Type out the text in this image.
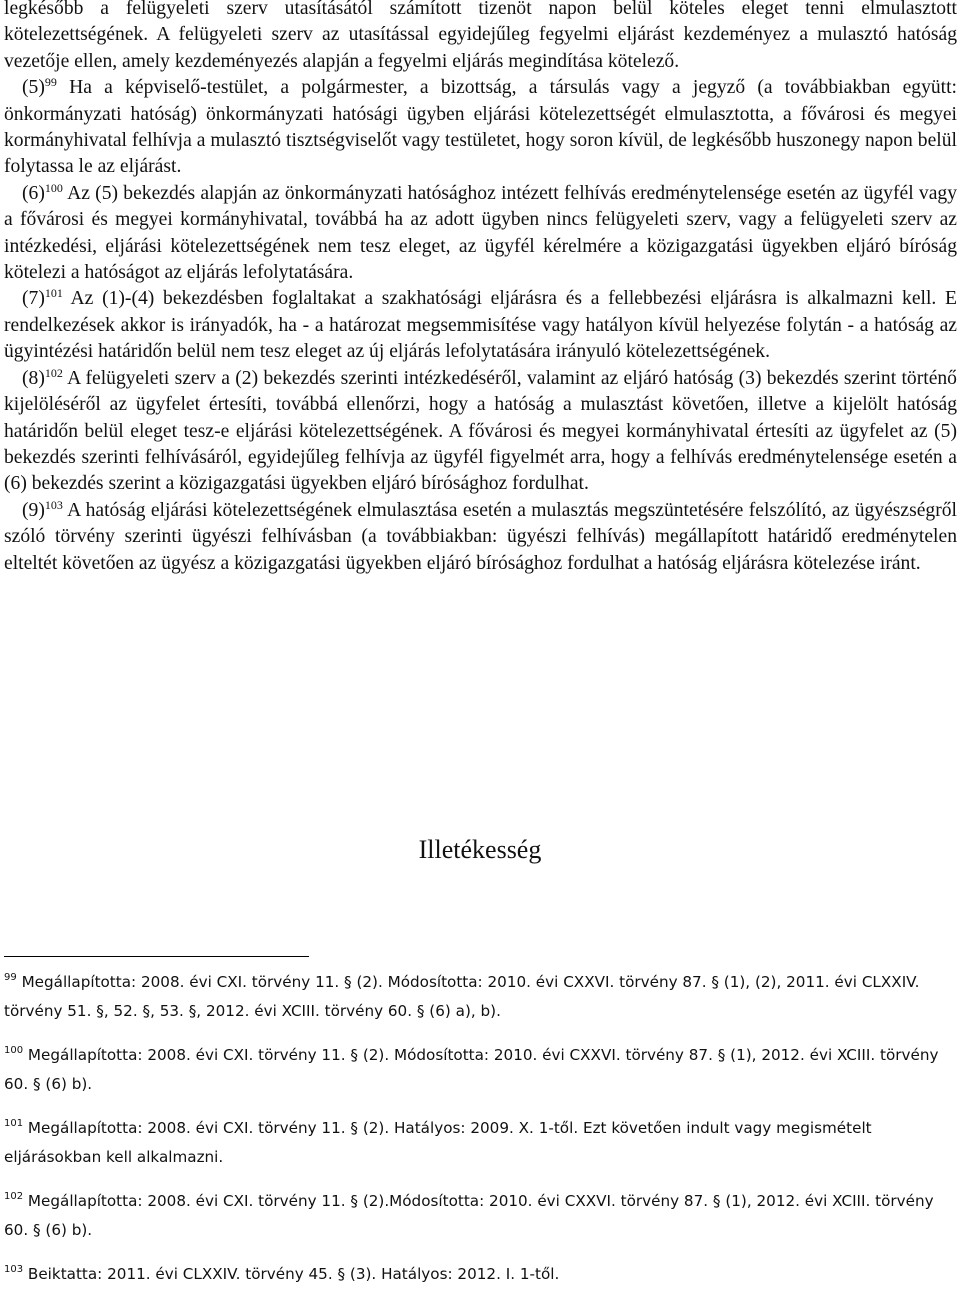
legkésőbb a felügyeleti szerv utasításától számított tizenöt napon belül köteles eleget tenni elmulasztott kötelezettségének. A felügyeleti szerv az utasítással egyidejűleg fegyelmi eljárást kezdeményez a mulasztó hatóság vezetője ellen, amely kezdeményezés alapján a fegyelmi eljárás megindítása kötelező.

$(5)^{99}$ Ha a képviselő-testület, a polgármester, a bizottság, a társulás vagy a jegyző (a továbbiakban együtt: önkormányzati hatóság) önkormányzati hatósági ügyben eljárási kötelezettségét elmulasztotta, a fővárosi és megyei kormányhivatal felhívja a mulasztó tisztségviselőt vagy testületet, hogy soron kívül, de legkésőbb huszonegy napon belül folytassa le az eljárást.

$(6)^{100}$ Az (5) bekezdés alapján az önkormányzati hatósághoz intézett felhívás eredménytelensége esetén az ügyfél vagy a fővárosi és megyei kormányhivatal, továbbá ha az adott ügyben nincs felügyeleti szerv, vagy a felügyeleti szerv az intézkedési, eljárási kötelezettségének nem tesz eleget, az ügyfél kérelmére a közigazgatási ügyekben eljáró bíróság kötelezi a hatóságot az eljárás lefolytatására.

$(7)^{101}$ Az (1)-(4) bekezdésben foglaltakat a szakhatósági eljárásra és a fellebbezési eljárásra is alkalmazni kell. E rendelkezések akkor is irányadók, ha - a határozat megsemmisítése vagy hatályon kívül helyezése folytán - a hatóság az ügyintézési határidőn belül nem tesz eleget az új eljárás lefolytatására irányuló kötelezettségének.

$(8)^{102}$ A felügyeleti szerv a (2) bekezdés szerinti intézkedéséről, valamint az eljáró hatóság (3) bekezdés szerint történő kijelöléséről az ügyfelet értesíti, továbbá ellenőrzi, hogy a hatóság a mulasztást követően, illetve a kijelölt hatóság határidőn belül eleget tesz-e eljárási kötelezettségének. A fővárosi és megyei kormányhivatal értesíti az ügyfelet az (5) bekezdés szerinti felhívásáról, egyidejűleg felhívja az ügyfél figyelmét arra, hogy a felhívás eredménytelensége esetén a (6) bekezdés szerint a közigazgatási ügyekben eljáró bírósághoz fordulhat.

$(9)^{103}$ A hatóság eljárási kötelezettségének elmulasztása esetén a mulasztás megszüntetésére felszólító, az ügyészségről szóló törvény szerinti ügyészi felhívásban (a továbbiakban: ügyészi felhívás) megállapított határidő eredménytelen elteltét követően az ügyész a közigazgatási ügyekben eljáró bírósághoz fordulhat a hatóság eljárásra kötelezése iránt.

Illetékesség

$^{99}$ Megállapította: 2008. évi CXI. törvény 11. § (2). Módosította: 2010. évi CXXVI. törvény 87. § (1), (2), 2011. évi CLXXIV. törvény 51. §, 52. §, 53. §, 2012. évi XCIII. törvény 60. § (6) a), b).

$^{100}$ Megállapította: 2008. évi CXI. törvény 11. § (2). Módosította: 2010. évi CXXVI. törvény 87. § (1), 2012. évi XCIII. törvény 60. § (6) b).

$^{101}$ Megállapította: 2008. évi CXI. törvény 11. § (2). Hatályos: 2009. X. 1-től. Ezt követően indult vagy megismételt eljárásokban kell alkalmazni.

$^{102}$ Megállapította: 2008. évi CXI. törvény 11. § (2).Módosította: 2010. évi CXXVI. törvény 87. § (1), 2012. évi XCIII. törvény 60. § (6) b).

$^{103}$ Beiktatta: 2011. évi CLXXIV. törvény 45. § (3). Hatályos: 2012. I. 1-től.
